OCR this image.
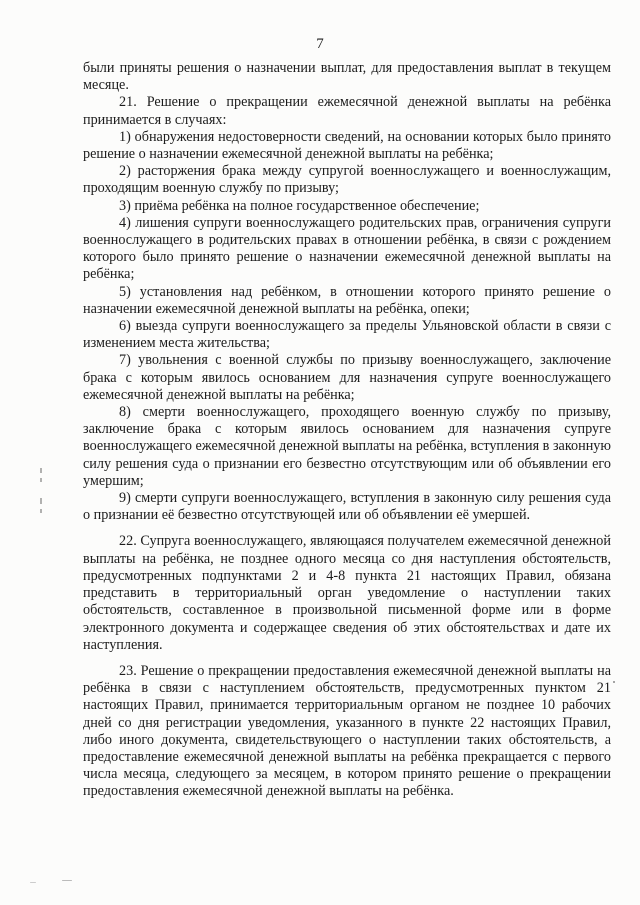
7

были приняты решения о назначении выплат, для предоставления выплат в текущем месяце.

21. Решение о прекращении ежемесячной денежной выплаты на ребёнка принимается в случаях:

1) обнаружения недостоверности сведений, на основании которых было принято решение о назначении ежемесячной денежной выплаты на ребёнка;

2) расторжения брака между супругой военнослужащего и военнослужащим, проходящим военную службу по призыву;

3) приёма ребёнка на полное государственное обеспечение;

4) лишения супруги военнослужащего родительских прав, ограничения супруги военнослужащего в родительских правах в отношении ребёнка, в связи с рождением которого было принято решение о назначении ежемесячной денежной выплаты на ребёнка;

5) установления над ребёнком, в отношении которого принято решение о назначении ежемесячной денежной выплаты на ребёнка, опеки;

6) выезда супруги военнослужащего за пределы Ульяновской области в связи с изменением места жительства;

7) увольнения с военной службы по призыву военнослужащего, заключение брака с которым явилось основанием для назначения супруге военнослужащего ежемесячной денежной выплаты на ребёнка;

8) смерти военнослужащего, проходящего военную службу по призыву, заключение брака с которым явилось основанием для назначения супруге военнослужащего ежемесячной денежной выплаты на ребёнка, вступления в законную силу решения суда о признании его безвестно отсутствующим или об объявлении его умершим;

9) смерти супруги военнослужащего, вступления в законную силу решения суда о признании её безвестно отсутствующей или об объявлении её умершей.

22. Супруга военнослужащего, являющаяся получателем ежемесячной денежной выплаты на ребёнка, не позднее одного месяца со дня наступления обстоятельств, предусмотренных подпунктами 2 и 4-8 пункта 21 настоящих Правил, обязана представить в территориальный орган уведомление о наступлении таких обстоятельств, составленное в произвольной письменной форме или в форме электронного документа и содержащее сведения об этих обстоятельствах и дате их наступления.

23. Решение о прекращении предоставления ежемесячной денежной выплаты на ребёнка в связи с наступлением обстоятельств, предусмотренных пунктом 21 настоящих Правил, принимается территориальным органом не позднее 10 рабочих дней со дня регистрации уведомления, указанного в пункте 22 настоящих Правил, либо иного документа, свидетельствующего о наступлении таких обстоятельств, а предоставление ежемесячной денежной выплаты на ребёнка прекращается с первого числа месяца, следующего за месяцем, в котором принято решение о прекращении предоставления ежемесячной денежной выплаты на ребёнка.
